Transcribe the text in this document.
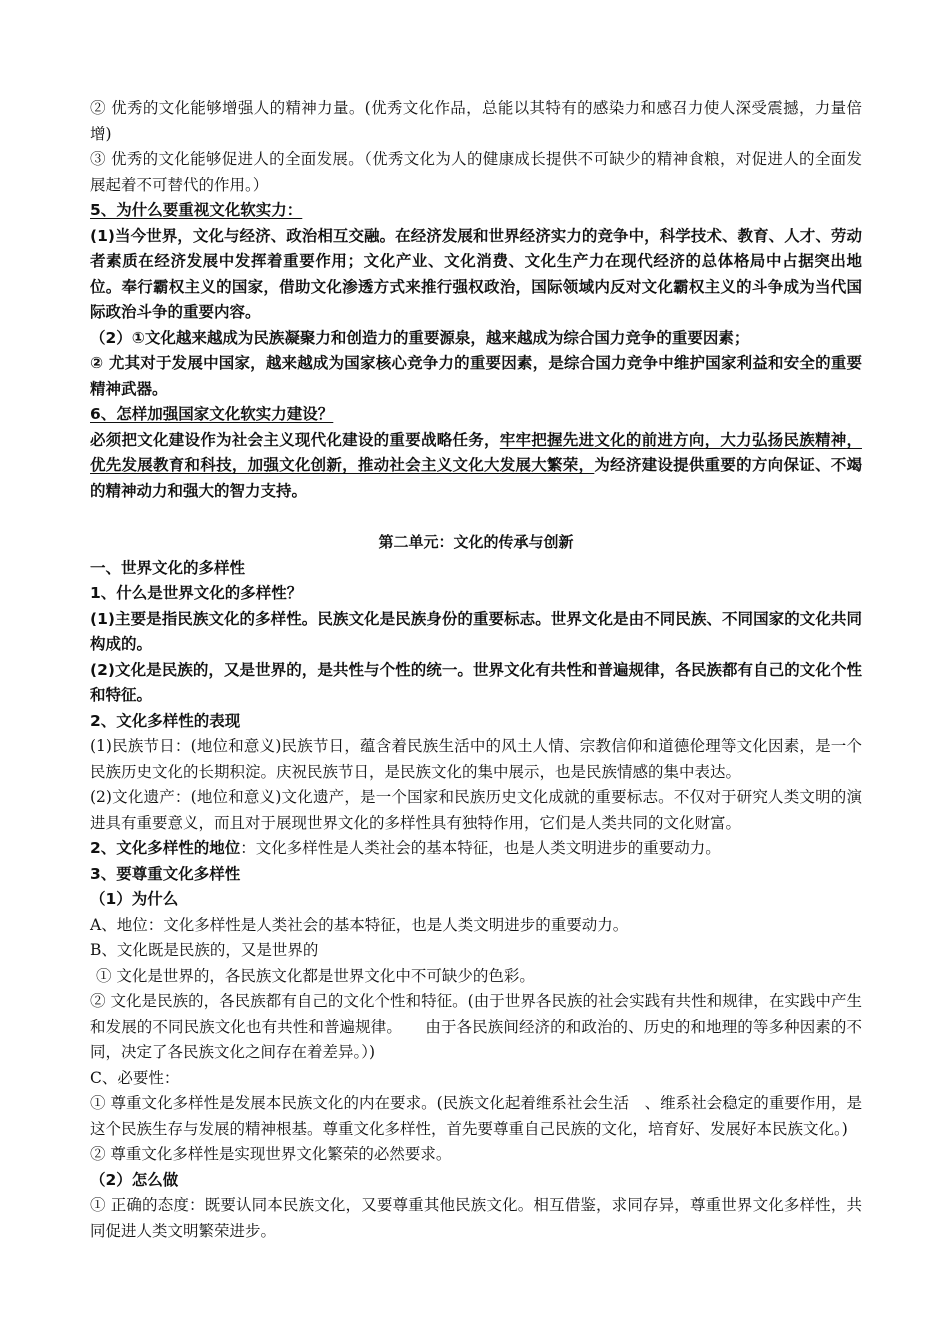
② 优秀的文化能够增强人的精神力量。(优秀文化作品，总能以其特有的感染力和感召力使人深受震撼，力量倍增)

③ 优秀的文化能够促进人的全面发展。（优秀文化为人的健康成长提供不可缺少的精神食粮，对促进人的全面发展起着不可替代的作用。）

5、为什么要重视文化软实力：

(1)当今世界，文化与经济、政治相互交融。在经济发展和世界经济实力的竞争中，科学技术、教育、人才、劳动者素质在经济发展中发挥着重要作用；文化产业、文化消费、文化生产力在现代经济的总体格局中占据突出地位。奉行霸权主义的国家，借助文化渗透方式来推行强权政治，国际领域内反对文化霸权主义的斗争成为当代国际政治斗争的重要内容。

（2）①文化越来越成为民族凝聚力和创造力的重要源泉，越来越成为综合国力竞争的重要因素；

② 尤其对于发展中国家，越来越成为国家核心竞争力的重要因素，是综合国力竞争中维护国家利益和安全的重要精神武器。

6、怎样加强国家文化软实力建设？

必须把文化建设作为社会主义现代化建设的重要战略任务，牢牢把握先进文化的前进方向，大力弘扬民族精神，优先发展教育和科技，加强文化创新，推动社会主义文化大发展大繁荣，为经济建设提供重要的方向保证、不竭的精神动力和强大的智力支持。

第二单元：文化的传承与创新

一、世界文化的多样性

1、什么是世界文化的多样性？

(1)主要是指民族文化的多样性。民族文化是民族身份的重要标志。世界文化是由不同民族、不同国家的文化共同构成的。

(2)文化是民族的，又是世界的，是共性与个性的统一。世界文化有共性和普遍规律，各民族都有自己的文化个性和特征。

2、文化多样性的表现

(1)民族节日：(地位和意义)民族节日，蕴含着民族生活中的风土人情、宗教信仰和道德伦理等文化因素，是一个民族历史文化的长期积淀。庆祝民族节日，是民族文化的集中展示，也是民族情感的集中表达。

(2)文化遗产：(地位和意义)文化遗产，是一个国家和民族历史文化成就的重要标志。不仅对于研究人类文明的演进具有重要意义，而且对于展现世界文化的多样性具有独特作用，它们是人类共同的文化财富。

2、文化多样性的地位：文化多样性是人类社会的基本特征，也是人类文明进步的重要动力。

3、要尊重文化多样性

（1）为什么

A、地位：文化多样性是人类社会的基本特征，也是人类文明进步的重要动力。

B、文化既是民族的，又是世界的

① 文化是世界的，各民族文化都是世界文化中不可缺少的色彩。

② 文化是民族的，各民族都有自己的文化个性和特征。(由于世界各民族的社会实践有共性和规律，在实践中产生和发展的不同民族文化也有共性和普遍规律。　　由于各民族间经济的和政治的、历史的和地理的等多种因素的不同，决定了各民族文化之间存在着差异。）)

C、必要性：

① 尊重文化多样性是发展本民族文化的内在要求。(民族文化起着维系社会生活　、维系社会稳定的重要作用，是这个民族生存与发展的精神根基。尊重文化多样性，首先要尊重自己民族的文化，培育好、发展好本民族文化。)

② 尊重文化多样性是实现世界文化繁荣的必然要求。

（2）怎么做

① 正确的态度：既要认同本民族文化，又要尊重其他民族文化。相互借鉴，求同存异，尊重世界文化多样性，共同促进人类文明繁荣进步。
